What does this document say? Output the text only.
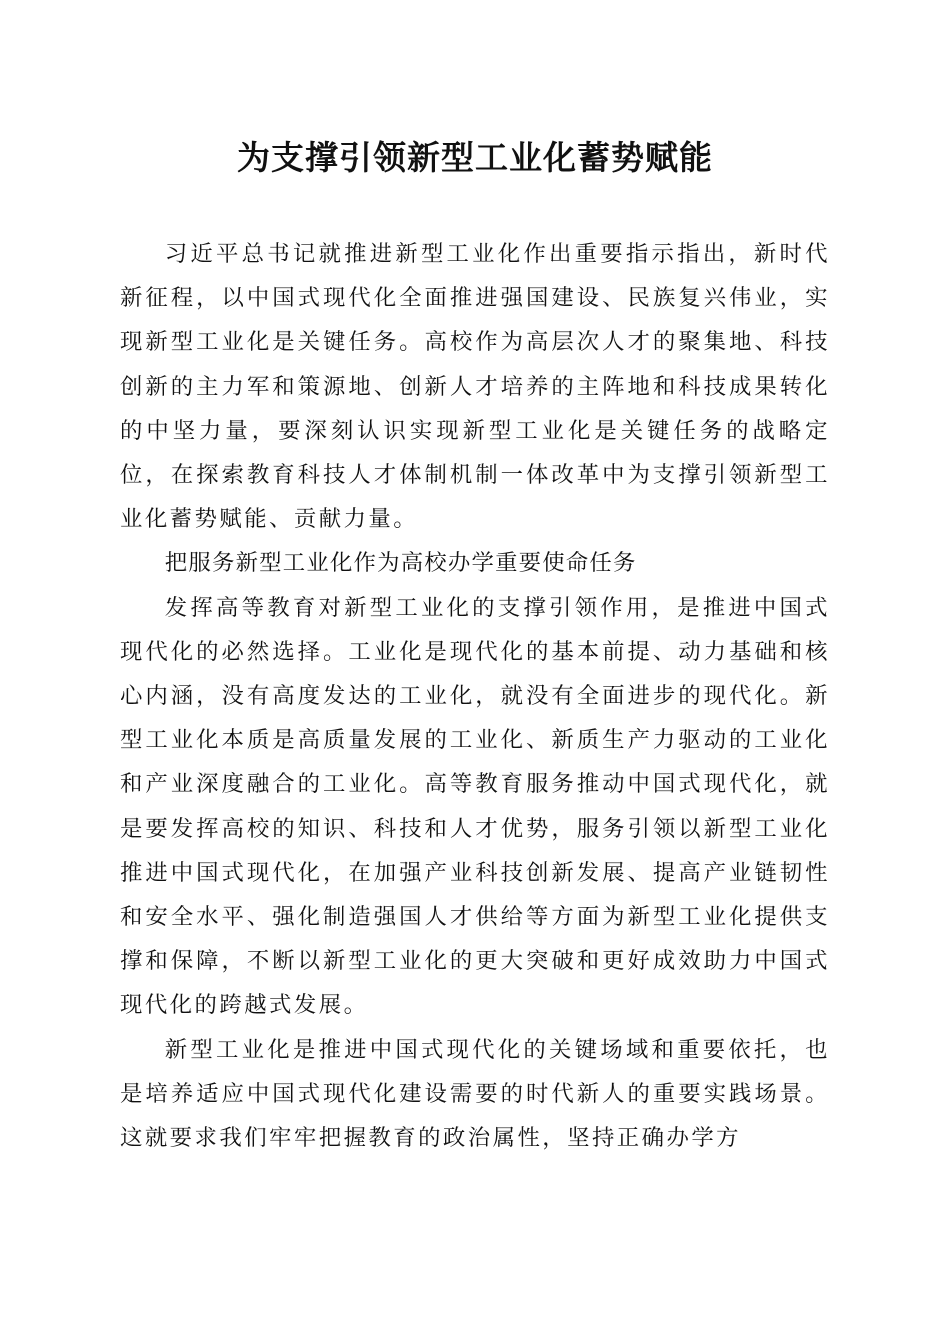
为支撑引领新型工业化蓄势赋能

习近平总书记就推进新型工业化作出重要指示指出，新时代新征程，以中国式现代化全面推进强国建设、民族复兴伟业，实现新型工业化是关键任务。高校作为高层次人才的聚集地、科技创新的主力军和策源地、创新人才培养的主阵地和科技成果转化的中坚力量，要深刻认识实现新型工业化是关键任务的战略定位，在探索教育科技人才体制机制一体改革中为支撑引领新型工业化蓄势赋能、贡献力量。

把服务新型工业化作为高校办学重要使命任务

发挥高等教育对新型工业化的支撑引领作用，是推进中国式现代化的必然选择。工业化是现代化的基本前提、动力基础和核心内涵，没有高度发达的工业化，就没有全面进步的现代化。新型工业化本质是高质量发展的工业化、新质生产力驱动的工业化和产业深度融合的工业化。高等教育服务推动中国式现代化，就是要发挥高校的知识、科技和人才优势，服务引领以新型工业化推进中国式现代化，在加强产业科技创新发展、提高产业链韧性和安全水平、强化制造强国人才供给等方面为新型工业化提供支撑和保障，不断以新型工业化的更大突破和更好成效助力中国式现代化的跨越式发展。

新型工业化是推进中国式现代化的关键场域和重要依托，也是培养适应中国式现代化建设需要的时代新人的重要实践场景。这就要求我们牢牢把握教育的政治属性，坚持正确办学方
